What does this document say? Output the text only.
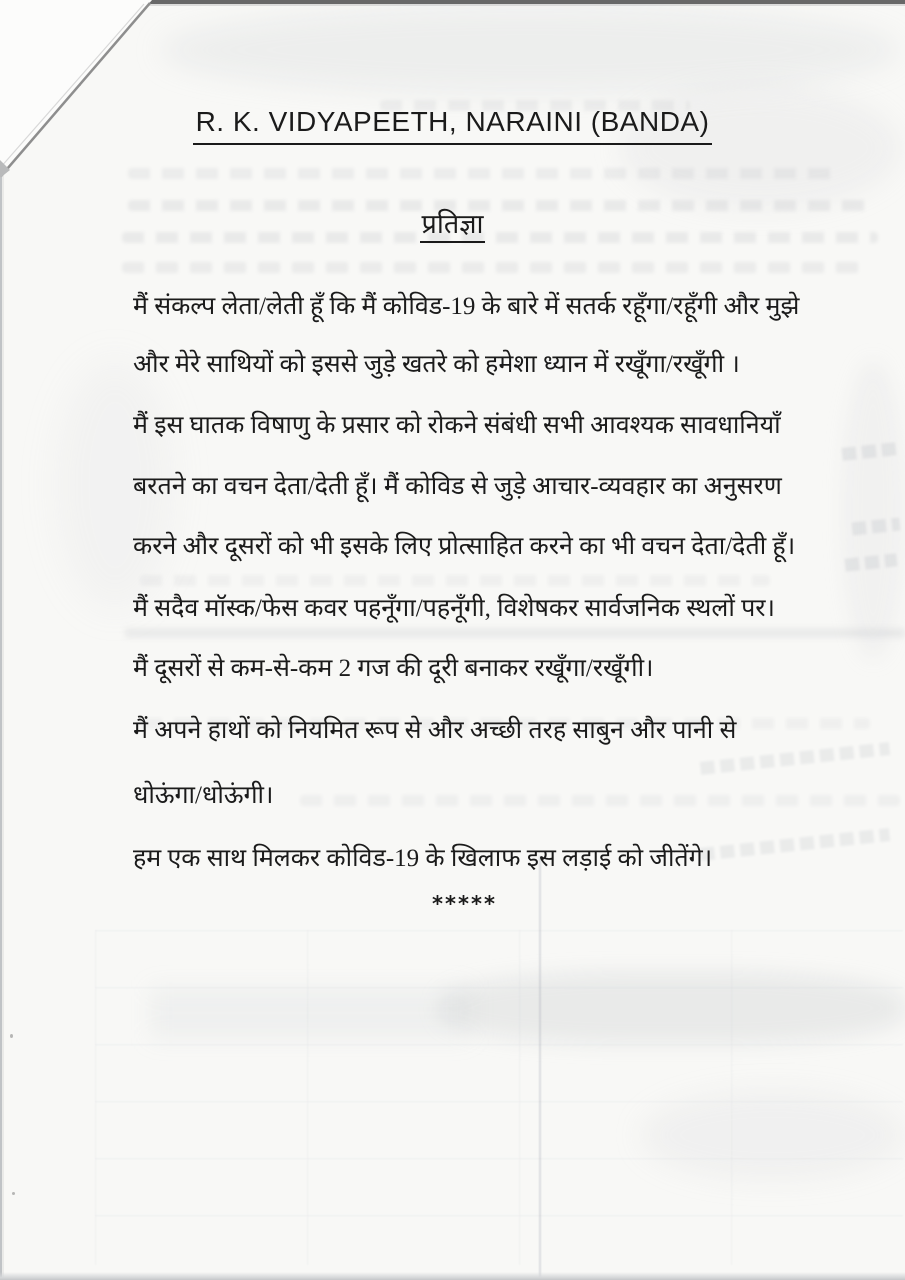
R. K. VIDYAPEETH, NARAINI (BANDA)
प्रतिज्ञा
मैं संकल्प लेता/लेती हूँ कि मैं कोविड-19 के बारे में सतर्क रहूँगा/रहूँगी और मुझे
और मेरे साथियों को इससे जुड़े खतरे को हमेशा ध्यान में रखूँगा/रखूँगी ।
मैं इस घातक विषाणु के प्रसार को रोकने संबंधी सभी आवश्यक सावधानियाँ
बरतने का वचन देता/देती हूँ। मैं कोविड से जुड़े आचार-व्यवहार का अनुसरण
करने और दूसरों को भी इसके लिए प्रोत्साहित करने का भी वचन देता/देती हूँ।
मैं सदैव मॉस्क/फेस कवर पहनूँगा/पहनूँगी, विशेषकर सार्वजनिक स्थलों पर।
मैं दूसरों से कम-से-कम 2 गज की दूरी बनाकर रखूँगा/रखूँगी।
मैं अपने हाथों को नियमित रूप से और अच्छी तरह साबुन और पानी से
धोऊंगा/धोऊंगी।
हम एक साथ मिलकर कोविड-19 के खिलाफ इस लड़ाई को जीतेंगे।
*****
